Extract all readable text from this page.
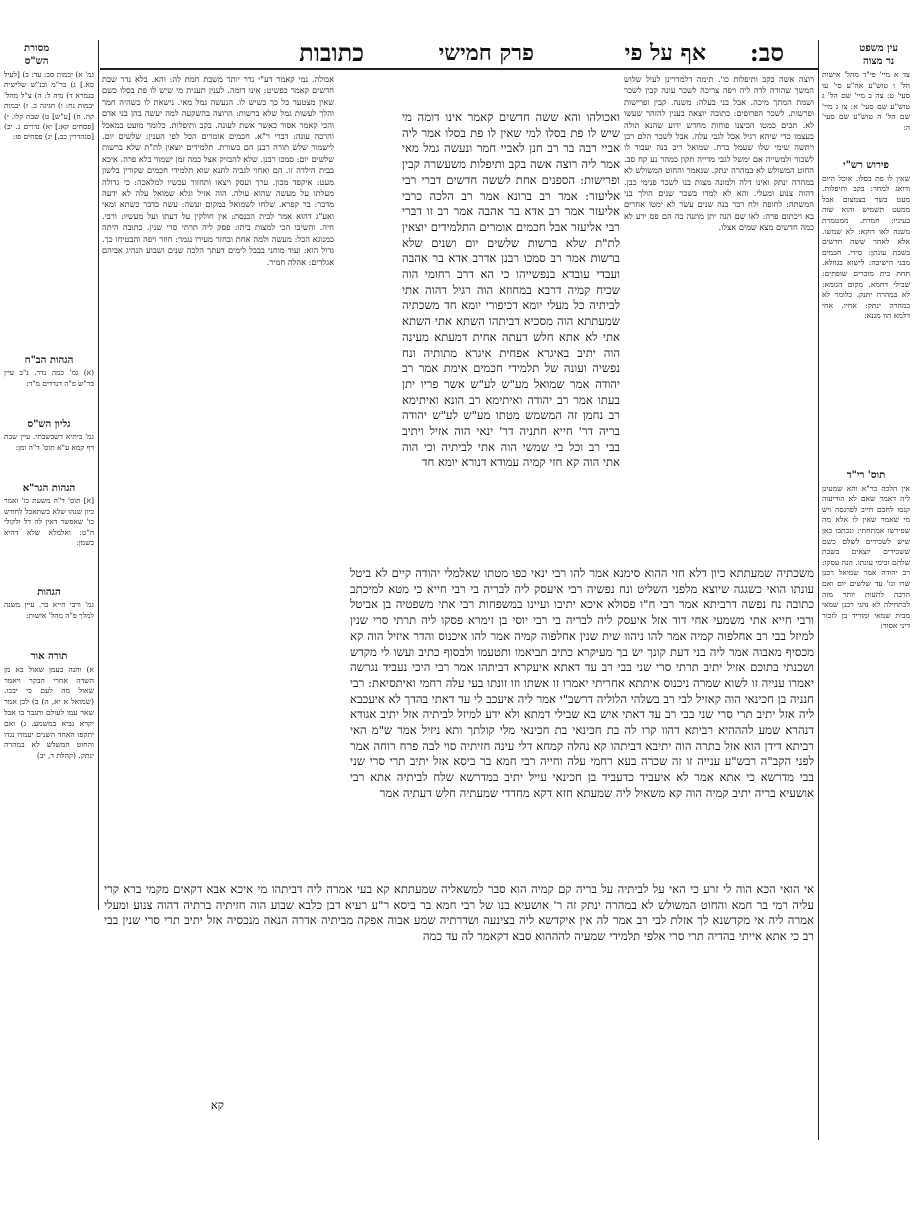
עין משפט
נר מצוה
סב:
אף על פי
פרק חמישי
כתובות
מסורת
הש"ס

צד א מיי' פי"ד מהל' אישות הל' ו טוש"ע אה"ע סי' עו סעי' ט: צה ב מיי' שם הל' ג טוש"ע שם סעי' א: צו ג מיי' שם הל' ה טוש"ע שם סעי' ה:

פירוש רש"י

שאין לו פת בסלו. אוכל היום ודואג למחר: בקב ותיפלות. מעט בשר בצמצום אבל ממעט תשמיש והוא שוה בעיניו: חמרת. ממטמרת משנה לאו דוקא: לא שמשו. אלא לאחר ששה חדשים בשבת עונתן: סידי. חכמים מבני הישיבה: לישוא בגוזלא. תחת בית מוכרים שופתים: שבילי דחמא. מקום הגומא: לא במהרה יתנק. כלומר לא במהרה ינתק: אחיו. אחי דלמא הוו מגנא:

תוס' רי"ד

אין הלכה כר"א והא שמעינן ליה דאמר שאם לא הודיעוה קנסו לחכם חייב לפרנסה ויש מי שאמר שאין לו אלא מה שפירשו אמתחתי: ונכתבו כאן שיש לשכירים לשלם כשם ששכירים יוצאים בשבת שלהם ובימי עונתו. הנה עסקו: רב יהודה אמר שמואל רבנן שרו וגו' עד שלשים יום ואם הרבה לתעות יותר מזה לכתחילה לא נהגי רבנן שמאי מבית שמאי ומוריד בן לזכור דיני אסור:

רוצה אשה בקב ותיפלות כו'. תימה דלמדרינן לעיל שלוש המשך שהודה לדה ליה ויפה צריכה לשכר עונה קבין לשכר ושמת המתך מיכה. אבל בני בעלה: משנה. קבין ופרישות ופרשות. לשכר הפרופים: כתובה יוצאה בענין להזהר שעשו לא. תכים כמטו הכיצנו פוחות מחדש ידוע שהנא תולה בעצמו כדי שיהא רגיל אכל לגבי עלה. אבל לשכר הלם רבן ויתשה שימי שלו שעמל ברח. שמואל ריב בנה יעבוד לו לשכור ולמשייה אם ימשל לגבי מדייה תקון כמהר נע קח סב. החוט המשולש לא במהרה ינתק. שנאמר והחוט המשולש לא במהרה ינתק ואינו דלה ולמונה מצות בנו לשכר פנימי כבן. דהוה צנוע ומעלי. והא לא למדו בשכר שנים הולך בני המשתה: לחופה ולח דבר בנה שנים עשר לא ימטו אחרים בא ויכתום פרה: לאו שם הנה יתן מתנה בה הם פס ידע לא כמה חדשים מצא שמים אצלו.

אבולה. נמי קאמר דע"י נדר יותר משבת חמת לה: והא. בלא נדר שבת חדשים קאמר כפשיט: אינו דומה. לענין תענית מי שיש לו פת בסלו כשם שאין מצטער כל כך כשיש לו. הנעשה גמל מאי. נישאת לו כשהיה חמר והלך לעשות גמל שלא ברשות: הרוצה בהשקעה למה יעשה בהן בני אדם והכי קאמר אסור כאשר אשת לעונה. בקב ותיפלות. כלומר מועט במאכל והרבה עונה: דברי ר"א. חכמים אומרים הכל לפי הענין: שלשים יום. לישמור שלש תורה רבנן הם כשורת. תלמידים יוצאין לת"ת שלא ברשות שלשים יום: סמכו רבנן. שלא להבזיק אצל כמה זמן ישמור בלא פרה. איכא בבית הילדה זו. הם ואחוי לגביה לתנא שוא תלמידי חכמים שקורין בלשון מעט: איקפד מכון. ערך ועסק ויצאו ותחזור עכשיו למלאכה: כי גדולה מעלתו על מעשה שהוא עולה. הוה אזיל וגלא שמואל עלה לא ידעה מדבר: בר קפרא. שלחו לשמואל במקום ועשה: עשה בדבר כשתא ומאי ואע"ג דהוא אמר לבית הכנסת: אין חולקין על דעתו ועל מעשיו: ורבי. חיה. והשיבו הכי למצות ביתו: פסק ליה תרתי סרי שנין. כתובה היתה כמנוגא הכל: מעשה ולמה אחת ובחזר מעירו נגמר: חוזר ויפה והבטיחו כך. גדול הוא: ועוד מוחני בבבל לימים דעתך הלכה שנים ושבוע הנהיג אביהם אגלדים: אהלה חמיר.

גמ' א) יבמות סב: עד: ב) [לעיל סא.] ג) בר"מ ובנ"ש שלישית בגמרא ד) נדה ל: ה) צ"ל מהל' יבמות נח: ו) חגיגה כ. ז) יבמות קה. ח) [ע"ש] ט) שבת קלו. י) [פסחים קא:] יא) נדרים נ. יב) [סנהדרין כב.] יג) פסחים פז:

הגהות הב"ח

(א) גמ' כמה נדר. נ"ב עיין בר"ש פ"ה דנדרים מ"ד:

גליון הש"ס

גמ' ביתיא דשבשבתי. עיין שבת דף קמא ע"א תוס' ד"ה ומן:

הגהות הגר"א

[א] תוס' ד"ה משעת כו' ואמר כיון שנהו שלא בשתאכל לחודש כו' שאפשר דאין לה דל ולקולי ה"ט: ואלמלא שלא דהיא בשמן:

הגהות

גמ' ורבי חייא בר. עיין משנה למלך פ"ה מהל' אישות:

תורה אור

א) והנה בעמן שאול בא מן השדה אחרי הבקר ויאמר שאול מה לעם כי יבכו. (שמואל א יא, ה) ב) לכן אמר שאר עמו לעולם ותגבר בו אבל יקרא נביא במשמע. ג) ואם יתקפו האחד השנים יעמדו נגדו והחוט המשלש לא במהרה ינתק. (קהלת ד, יב)

ואכולהו והא ששה חדשים קאמר אינו דומה מי שיש לו פת בסלו למי שאין לו פת בסלו אמר ליה אביי רבה בר רב חנן לאביי חמר ונעשה גמל מאי אמר ליה רוצה אשה בקב ותיפלות משעשרה קבין ופרישות: הספנים אחת לששה חדשים דברי רבי אליעזר: אמר רב ברונא אמר רב הלכה כרבי אליעזר אמר רב אדא בר אהבה אמר רב זו דברי רבי אליעזר אבל חכמים אומרים התלמידים יוצאין לת"ת שלא ברשות שלשים יום ושנים שלא ברשות אמר רב סמכו רבנן אדרב אדא בר אהבה ועבדי עובדא בנפשייהו כי הא דרב רחומי הוה שכיח קמיה דרבא במחוזא הוה רגיל דהוה אתי לביתיה כל מעלי יומא דכיפורי יומא חד משכתיה שמעתתא הוה מסכיא דביתהו השתא אתי השתא אתי לא אתא חלש דעתה אחית דמעתא מעינה הוה יתיב באיגרא אפחית איגרא מתותיה ונח נפשיה ועונה של תלמידי חכמים אימת אמר רב יהודה אמר שמואל מע"ש לע"ש אשר פריו יתן בעתו אמר רב יהודה ואיתימא רב הונא ואיתימא רב נחמן זה המשמש מטתו מע"ש לע"ש יהודה בריה דר' חייא חתניה דר' ינאי הוה אזיל ויתיב בבי רב וכל בי שמשי הוה אתי לביתיה וכי הוה אתי הוה קא חזי קמיה עמודא דנורא יומא חד

משכתיה שמעתתא כיון דלא חזי ההוא סימנא אמר להו רבי ינאי כפו מטתו שאלמלי יהודה קיים לא ביטל עונתו הואי כשגגה שיוצא מלפני השליט ונח נפשיה רבי איעסק ליה לבריה בי רבי חייא כי מטא למיכתב כתובה נח נפשה דרביתא אמר רבי ח"ו פסולא איכא יתיבו ועיינו במשפחות רבי אתי משפטיה בן אביטל ורבי חייא אתי משמעי אחי דוד אזל איעסק ליה לבריה בי רבי יוסי בן זימרא פסקו ליה תרתי סרי שנין למיזל בבי רב אחלפוה קמיה אמר להו ניהוו שית שנין אחלפוה קמיה אמר להו איכנוס והדר איזיל הוה קא מכסיף מאבוה אמר ליה בני דעת קונך יש בך מעיקרא כתיב תביאמו ותטעמו ולבסוף כתיב ועשו לי מקדש ושכנתי בתוכם אזיל יתיב תרתי סרי שני בבי רב עד דאתא איעקרא דביתהו אמר רבי היכי נעביד נגרשה יאמרו ענייה זו לשוא שמרה ניכנוס איתתא אחריתי יאמרו זו אשתו וזו זונתו בעי עלה רחמי ואיתסיאת: רבי חנניה בן חכינאי הוה קאזיל לבי רב בשלהי הלוליה דרשב"י אמר ליה איעכב לי עד דאתי בהדך לא איעכבא ליה אזל יתיב תרי סרי שני בבי רב עד דאתי איש בא שבילי דמתא ולא ידע למיזל לביתיה אזל יתיב אגודא דנהרא שמע להההיא רביתא דהוו קרו לה בת חכינאי בת חכינאי מלי קולתך ותא ניזיל אמר ש"מ האי רביתא דידן הוא אזל בתרה הוה יתיבא דביתהו קא נהלה קמחא דלי עינה חזיתיה סוי לבה פרח רוחה אמר לפני הקב"ה רבש"ע ענייה זו זה שכרה בעא רחמי עלה וחייה רבי חמא בר ביסא אזל יתיב תרי סרי שני בבי מדרשא כי אתא אמר לא איעביד כדעביד בן חכינאי עייל יתיב במדרשא שלח לביתיה אתא רבי אושעיא בריה יתיב קמיה הוה קא משאיל ליה שמעתא חזא דקא מחדדי שמעתיה חלש דעתיה אמר

אי הואי הכא הוה לי זרע כי האי על לביתיה על בריה קם קמיה הוא סבר למשאליה שמעתתא קא בעי אמרה ליה דביתהו מי איכא אבא דקאים מקמי ברא קרי עליה רמי בר חמא והחוט המשולש לא במהרה ינתק זה ר' אושעיא בנו של רבי חמא בר ביסא ר"ע רעיא דבן כלבא שבוע הוה חזיתיה ברתיה דהוה צנוע ומעלי אמרה ליה אי מקדשנא לך אזלת לבי רב אמר לה אין איקדשא ליה בצינעה ושדרתיה שמע אבוה אפקה מביתיה אדרה הנאה מנכסיה אזל יתיב תרי סרי שנין בבי רב כי אתא אייתי בהדיה תרי סרי אלפי תלמידי שמעיה להההוא סבא דקאמר לה עד כמה

קא
